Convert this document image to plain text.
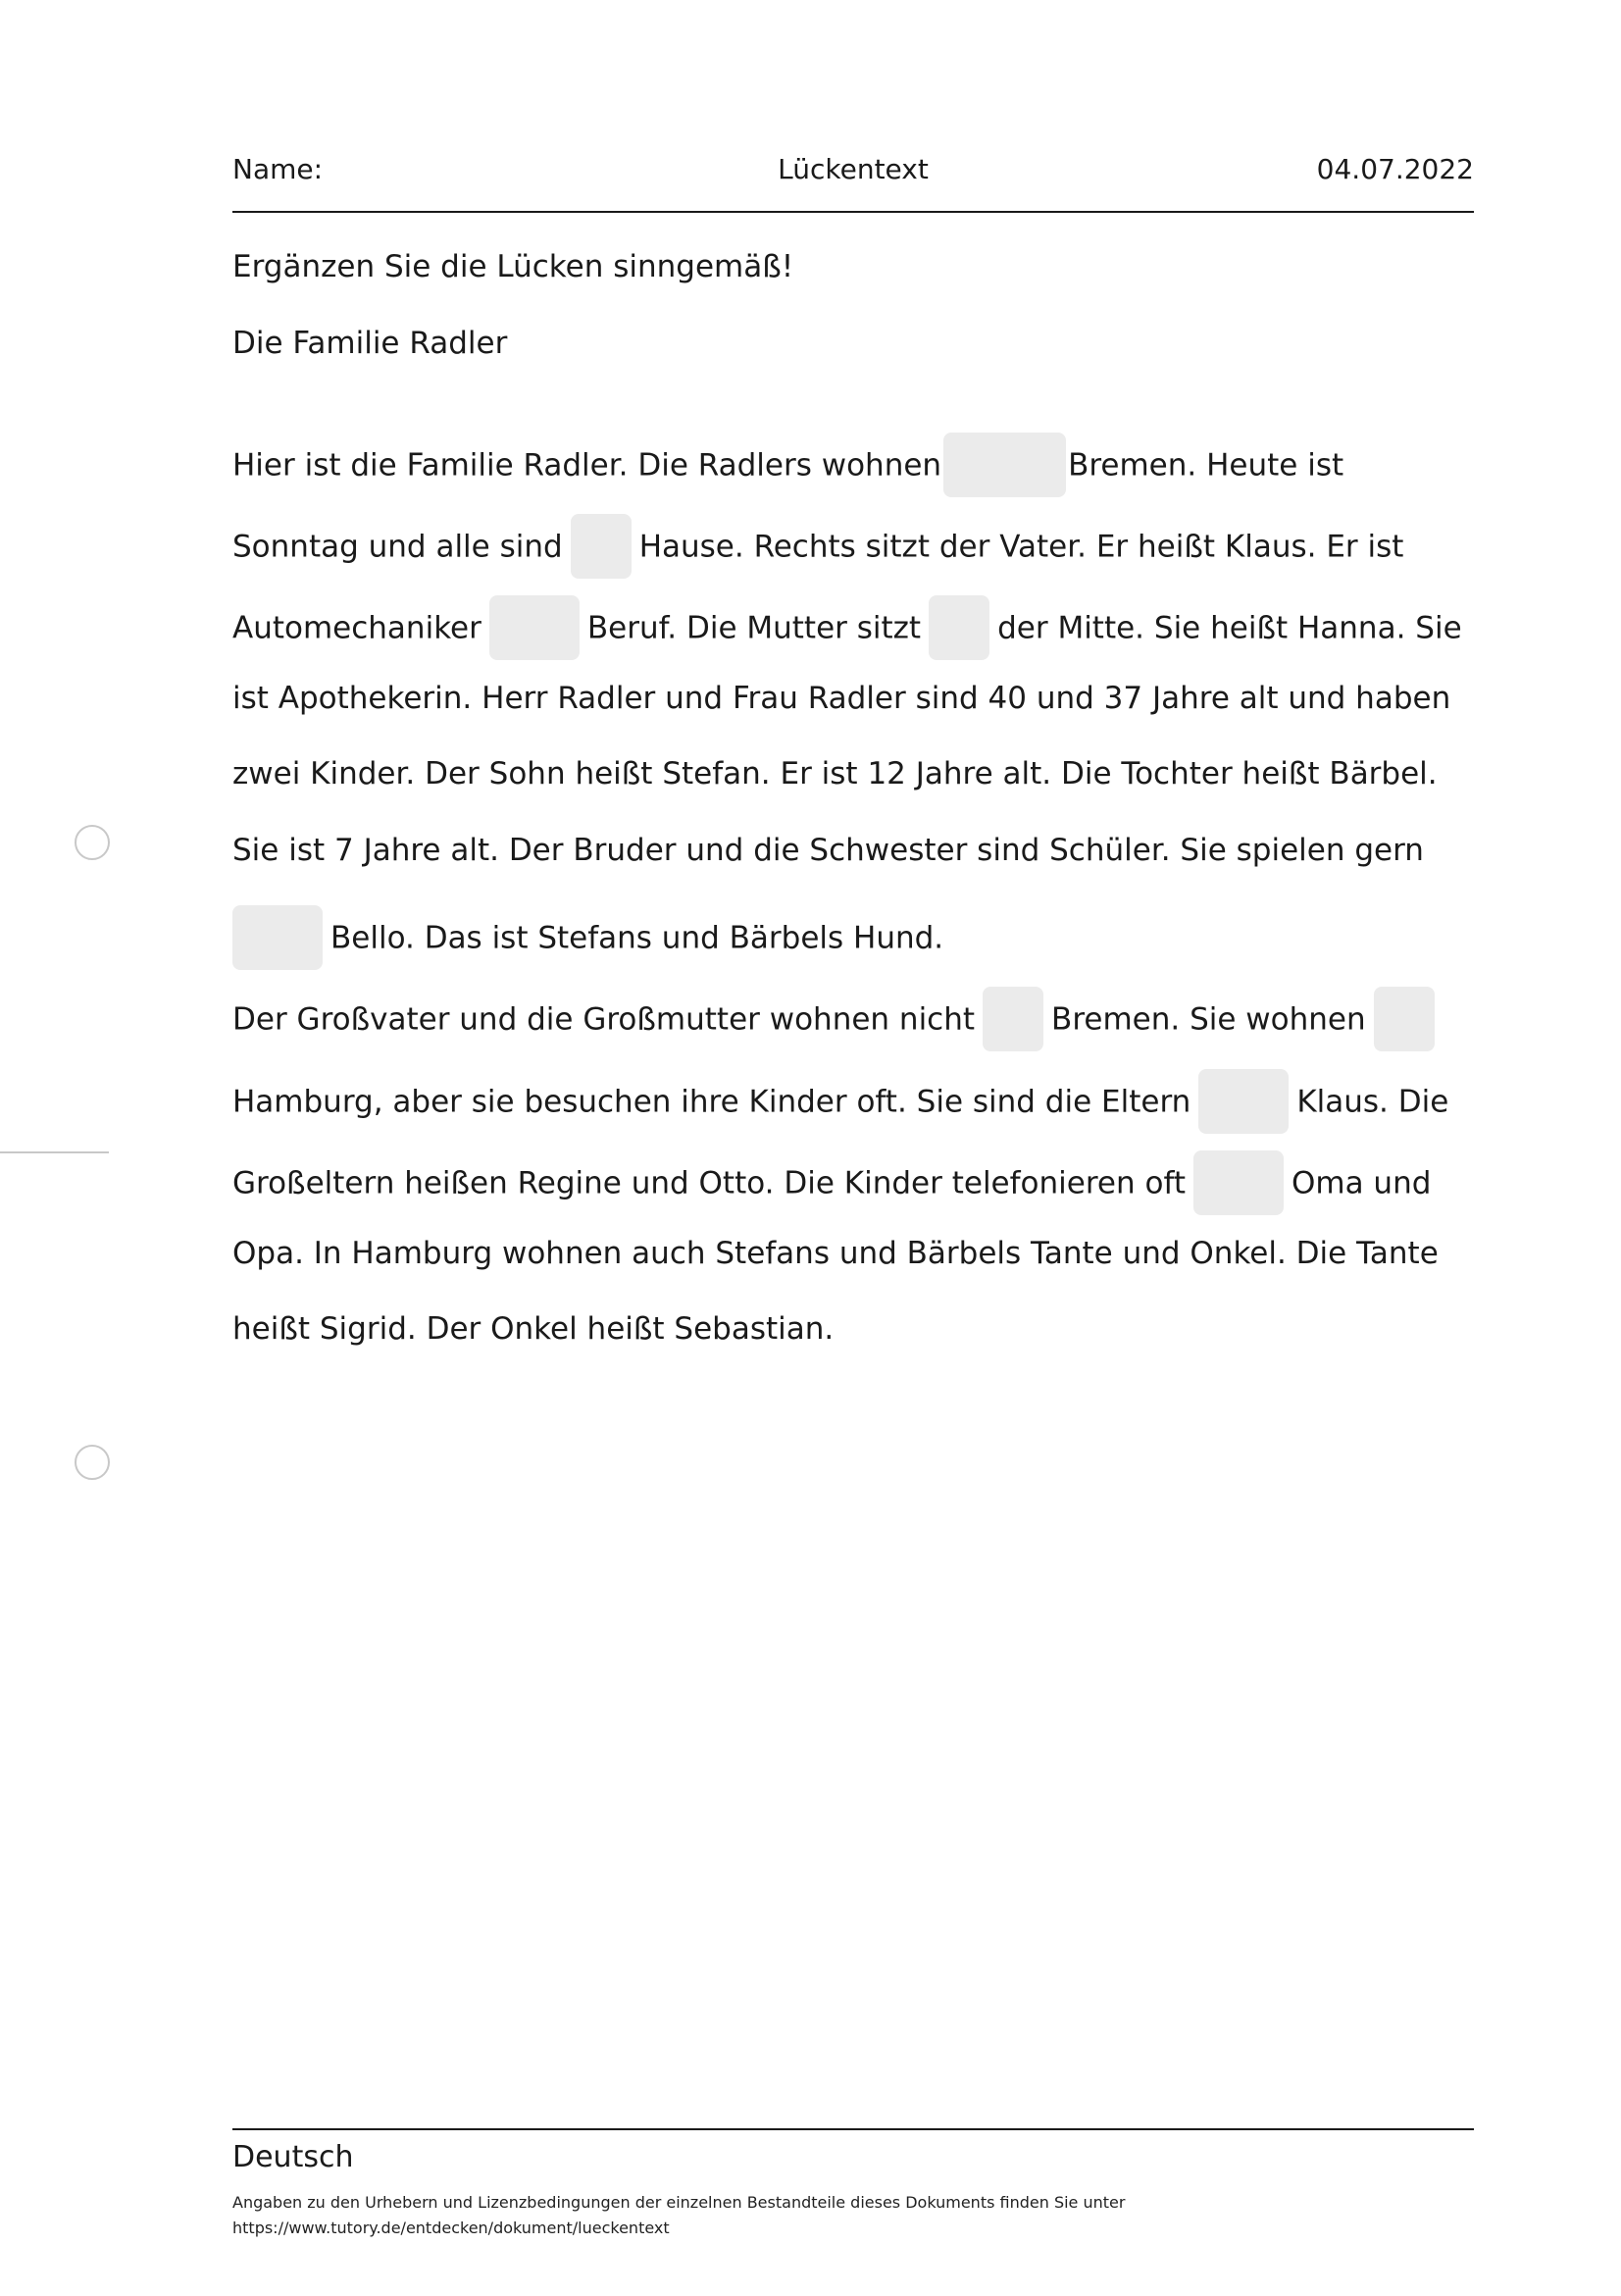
Name:	Lückentext	04.07.2022
Ergänzen Sie die Lücken sinngemäß!
Die Familie Radler
Hier ist die Familie Radler. Die Radlers wohnen	Bremen. Heute ist
Sonntag und alle sind	Hause. Rechts sitzt der Vater. Er heißt Klaus. Er ist
Automechaniker	Beruf. Die Mutter sitzt	der Mitte. Sie heißt Hanna. Sie
ist Apothekerin. Herr Radler und Frau Radler sind 40 und 37 Jahre alt und haben
zwei Kinder. Der Sohn heißt Stefan. Er ist 12 Jahre alt. Die Tochter heißt Bärbel.
Sie ist 7 Jahre alt. Der Bruder und die Schwester sind Schüler. Sie spielen gern
Bello. Das ist Stefans und Bärbels Hund.
Der Großvater und die Großmutter wohnen nicht	Bremen. Sie wohnen
Hamburg, aber sie besuchen ihre Kinder oft. Sie sind die Eltern	Klaus. Die
Großeltern heißen Regine und Otto. Die Kinder telefonieren oft	Oma und
Opa. In Hamburg wohnen auch Stefans und Bärbels Tante und Onkel. Die Tante
heißt Sigrid. Der Onkel heißt Sebastian.
Deutsch
Angaben zu den Urhebern und Lizenzbedingungen der einzelnen Bestandteile dieses Dokuments finden Sie unter
https://www.tutory.de/entdecken/dokument/lueckentext
